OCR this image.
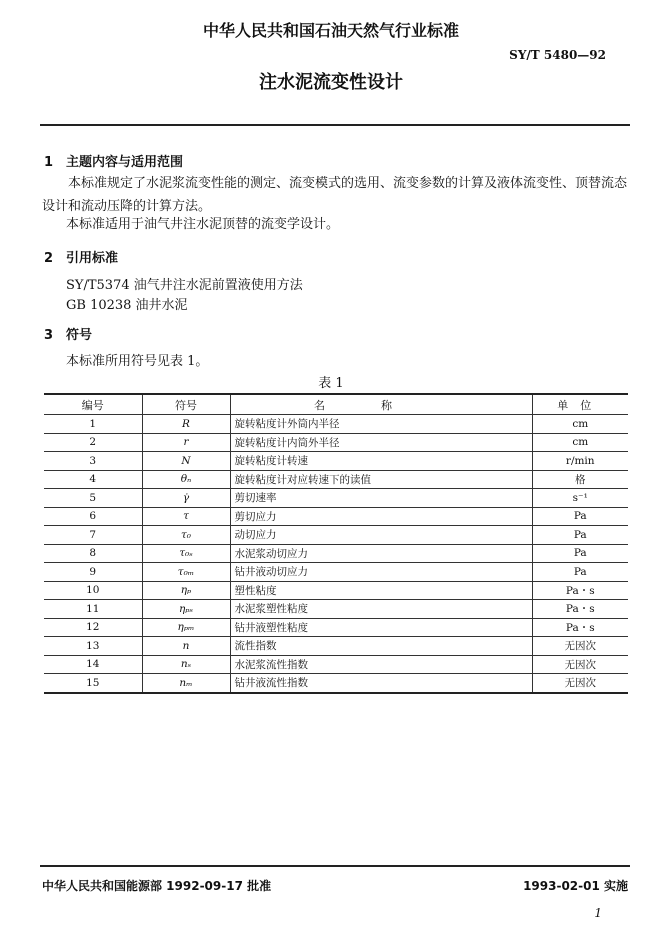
中华人民共和国石油天然气行业标准
SY/T 5480—92
注水泥流变性设计
1 主题内容与适用范围
本标准规定了水泥浆流变性能的测定、流变模式的选用、流变参数的计算及液体流变性、顶替流态设计和流动压降的计算方法。
本标准适用于油气井注水泥顶替的流变学设计。
2 引用标准
SY/T5374 油气井注水泥前置液使用方法
GB 10238 油井水泥
3 符号
本标准所用符号见表 1。
表 1
编号	符号	名称	单位
1	R	旋转粘度计外筒内半径	cm
2	r	旋转粘度计内筒外半径	cm
3	N	旋转粘度计转速	r/min
4	θₙ	旋转粘度计对应转速下的读值	格
5	γ̇	剪切速率	s⁻¹
6	τ	剪切应力	Pa
7	τ₀	动切应力	Pa
8	τ₀ₛ	水泥浆动切应力	Pa
9	τ₀ₘ	钻井液动切应力	Pa
10	ηₚ	塑性粘度	Pa・s
11	ηₚₛ	水泥浆塑性粘度	Pa・s
12	ηₚₘ	钻井液塑性粘度	Pa・s
13	n	流性指数	无因次
14	nₛ	水泥浆流性指数	无因次
15	nₘ	钻井液流性指数	无因次
中华人民共和国能源部 1992-09-17 批准	1993-02-01 实施
1
